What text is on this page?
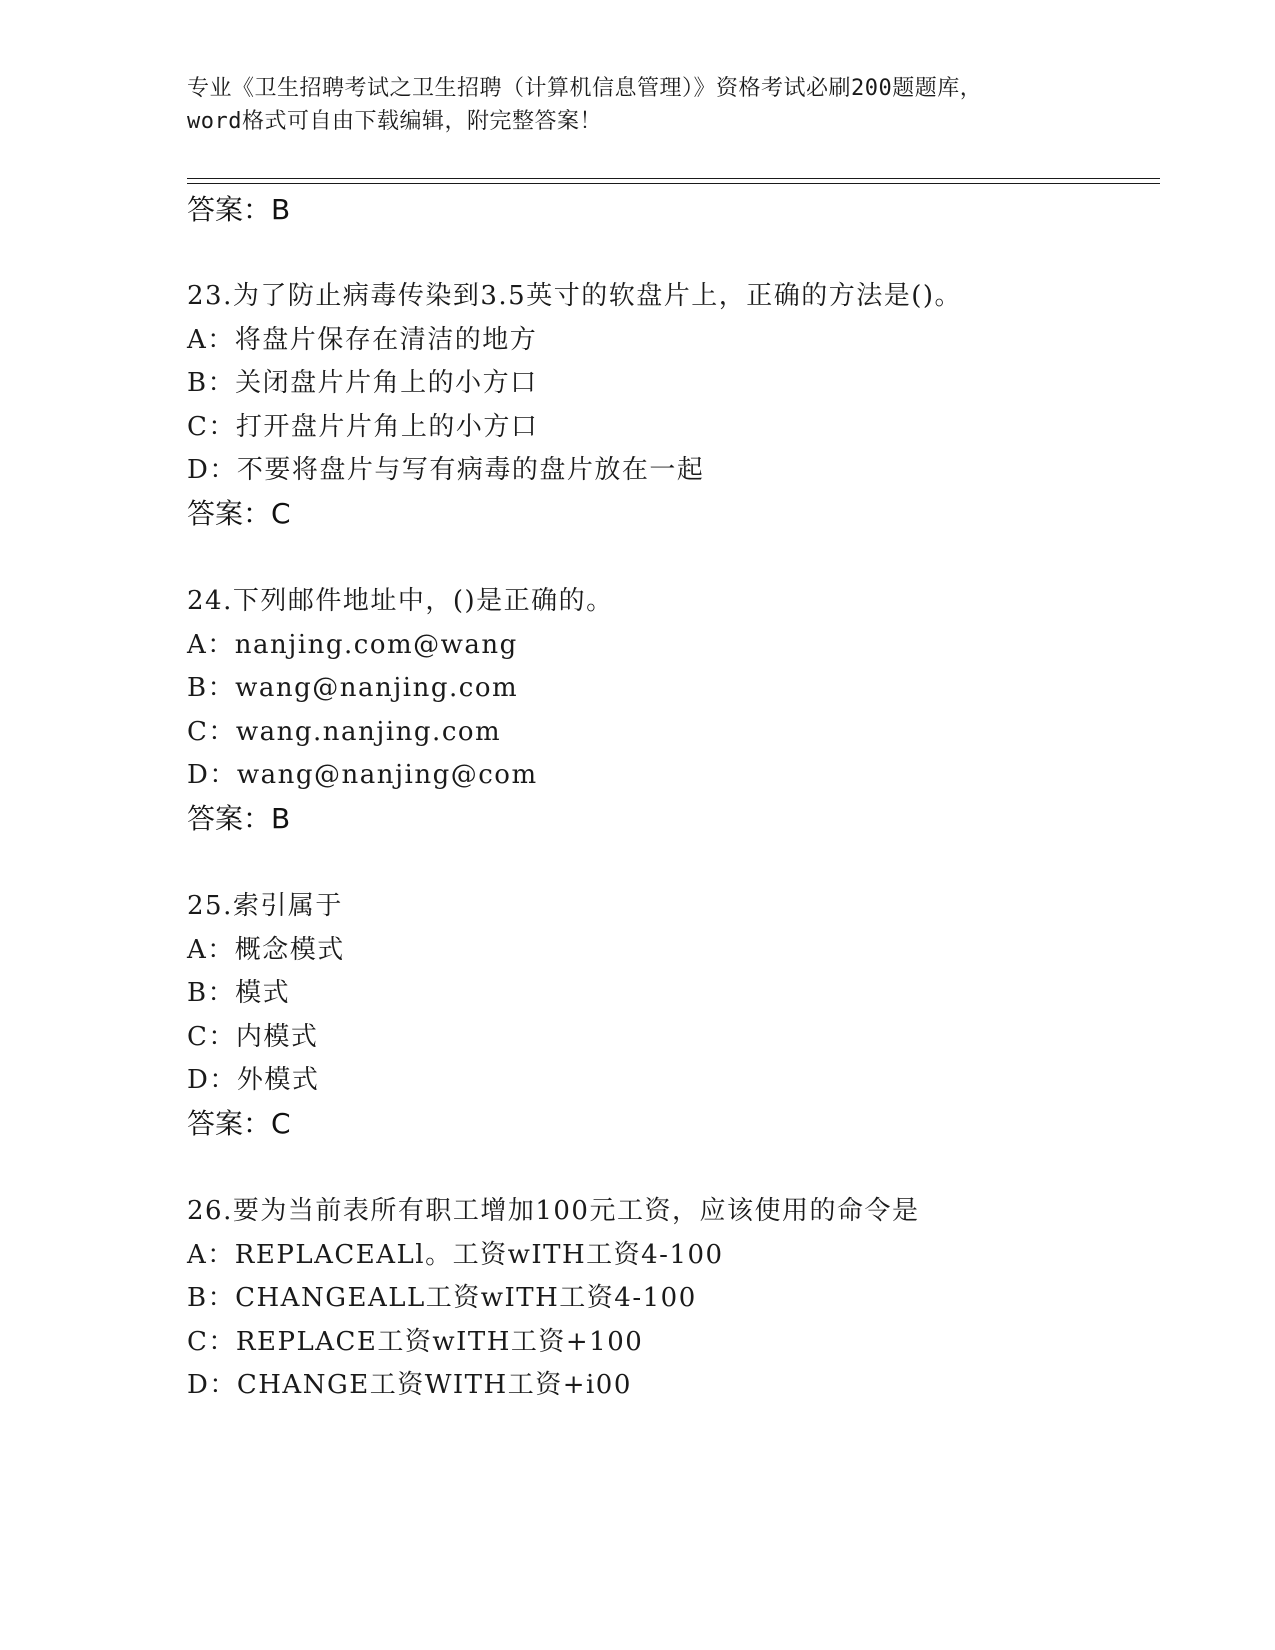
专业《卫生招聘考试之卫生招聘（计算机信息管理）》资格考试必刷200题题库，
word格式可自由下载编辑，附完整答案！
答案：B
23.为了防止病毒传染到3.5英寸的软盘片上，正确的方法是()。
A：将盘片保存在清洁的地方
B：关闭盘片片角上的小方口
C：打开盘片片角上的小方口
D：不要将盘片与写有病毒的盘片放在一起
答案：C
24.下列邮件地址中，()是正确的。
A：nanjing.com@wang
B：wang@nanjing.com
C：wang.nanjing.com
D：wang@nanjing@com
答案：B
25.索引属于
A：概念模式
B：模式
C：内模式
D：外模式
答案：C
26.要为当前表所有职工增加100元工资，应该使用的命令是
A：REPLACEALl。工资wITH工资4-100
B：CHANGEALL工资wITH工资4-100
C：REPLACE工资wITH工资+100
D：CHANGE工资WITH工资+i00
